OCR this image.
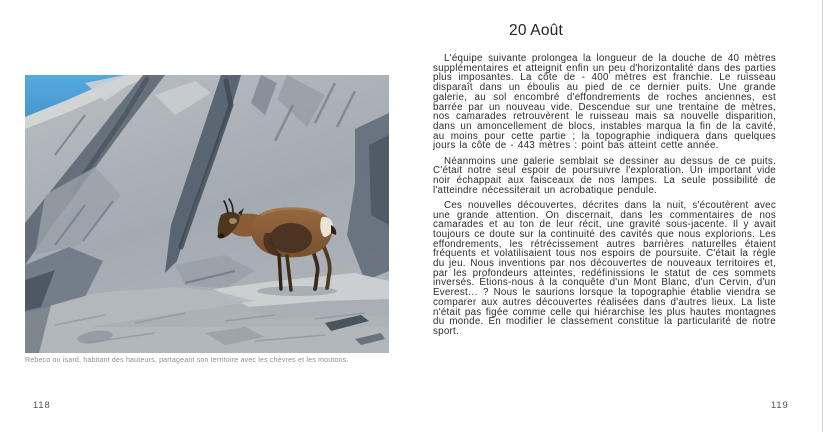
Rebeco ou isard, habitant des hauteurs, partageant son territoire avec les chèvres et les moutons.
118
20 Août

L'équipe suivante prolongea la longueur de la douche de 40 mètres supplémentaires et atteignit enfin un peu d'horizontalité dans des parties plus imposantes. La côte de - 400 mètres est franchie. Le ruisseau disparaît dans un éboulis au pied de ce dernier puits. Une grande galerie, au sol encombré d'effondrements de roches anciennes, est barrée par un nouveau vide. Descendue sur une trentaine de mètres, nos camarades retrouvèrent le ruisseau mais sa nouvelle disparition, dans un amoncellement de blocs, instables marqua la fin de la cavité, au moins pour cette partie ; la topographie indiquera dans quelques jours la côte de - 443 mètres : point bas atteint cette année.

Néanmoins une galerie semblait se dessiner au dessus de ce puits. C'était notre seul espoir de poursuivre l'exploration. Un important vide noir échappait aux faisceaux de nos lampes. La seule possibilité de l'atteindre nécessiterait un acrobatique pendule.

Ces nouvelles découvertes, décrites dans la nuit, s'écoutèrent avec une grande attention. On discernait, dans les commentaires de nos camarades et au ton de leur récit, une gravité sous-jacente. Il y avait toujours ce doute sur la continuité des cavités que nous explorions. Les effondrements, les rétrécissement autres barrières naturelles étaient fréquents et volatilisaient tous nos espoirs de poursuite. C'était la règle du jeu. Nous inventions par nos découvertes de nouveaux territoires et, par les profondeurs atteintes, redéfinissions le statut de ces sommets inversés. Étions-nous à la conquête d'un Mont Blanc, d'un Cervin, d'un Everest… ? Nous le saurions lorsque la topographie établie viendra se comparer aux autres découvertes réalisées dans d'autres lieux. La liste n'était pas figée comme celle qui hiérarchise les plus hautes montagnes du monde. En modifier le classement constitue la particularité de notre sport.

119
